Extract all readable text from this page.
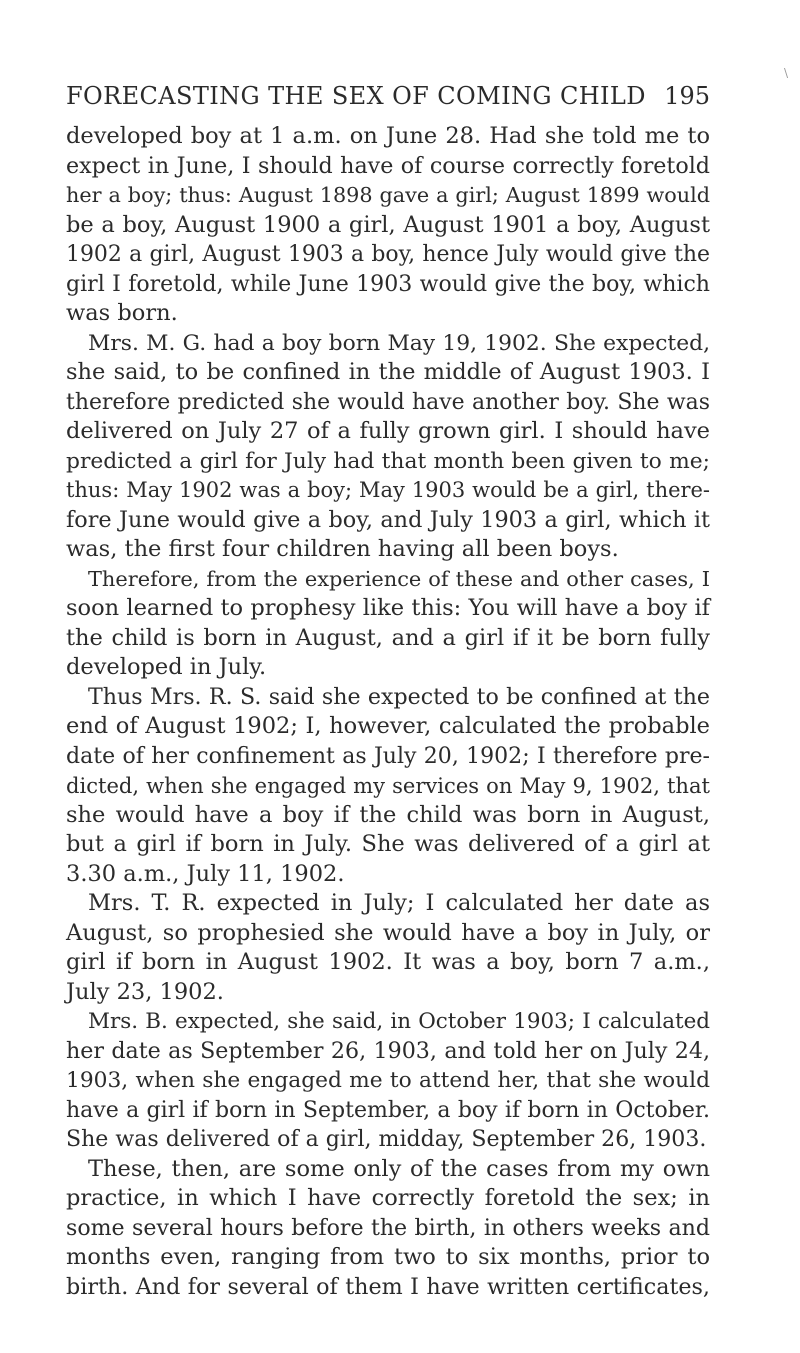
\
FORECASTING THE SEX OF COMING CHILD 195
developed boy at 1 a.m. on June 28. Had she told me to
expect in June, I should have of course correctly foretold
her a boy; thus: August 1898 gave a girl; August 1899 would
be a boy, August 1900 a girl, August 1901 a boy, August
1902 a girl, August 1903 a boy, hence July would give the
girl I foretold, while June 1903 would give the boy, which
was born.
Mrs. M. G. had a boy born May 19, 1902. She expected,
she said, to be confined in the middle of August 1903. I
therefore predicted she would have another boy. She was
delivered on July 27 of a fully grown girl. I should have
predicted a girl for July had that month been given to me;
thus: May 1902 was a boy; May 1903 would be a girl, there-
fore June would give a boy, and July 1903 a girl, which it
was, the first four children having all been boys.
Therefore, from the experience of these and other cases, I
soon learned to prophesy like this: You will have a boy if
the child is born in August, and a girl if it be born fully
developed in July.
Thus Mrs. R. S. said she expected to be confined at the
end of August 1902; I, however, calculated the probable
date of her confinement as July 20, 1902; I therefore pre-
dicted, when she engaged my services on May 9, 1902, that
she would have a boy if the child was born in August,
but a girl if born in July. She was delivered of a girl at
3.30 a.m., July 11, 1902.
Mrs. T. R. expected in July; I calculated her date as
August, so prophesied she would have a boy in July, or
girl if born in August 1902. It was a boy, born 7 a.m.,
July 23, 1902.
Mrs. B. expected, she said, in October 1903; I calculated
her date as September 26, 1903, and told her on July 24,
1903, when she engaged me to attend her, that she would
have a girl if born in September, a boy if born in October.
She was delivered of a girl, midday, September 26, 1903.
These, then, are some only of the cases from my own
practice, in which I have correctly foretold the sex; in
some several hours before the birth, in others weeks and
months even, ranging from two to six months, prior to
birth. And for several of them I have written certificates,
